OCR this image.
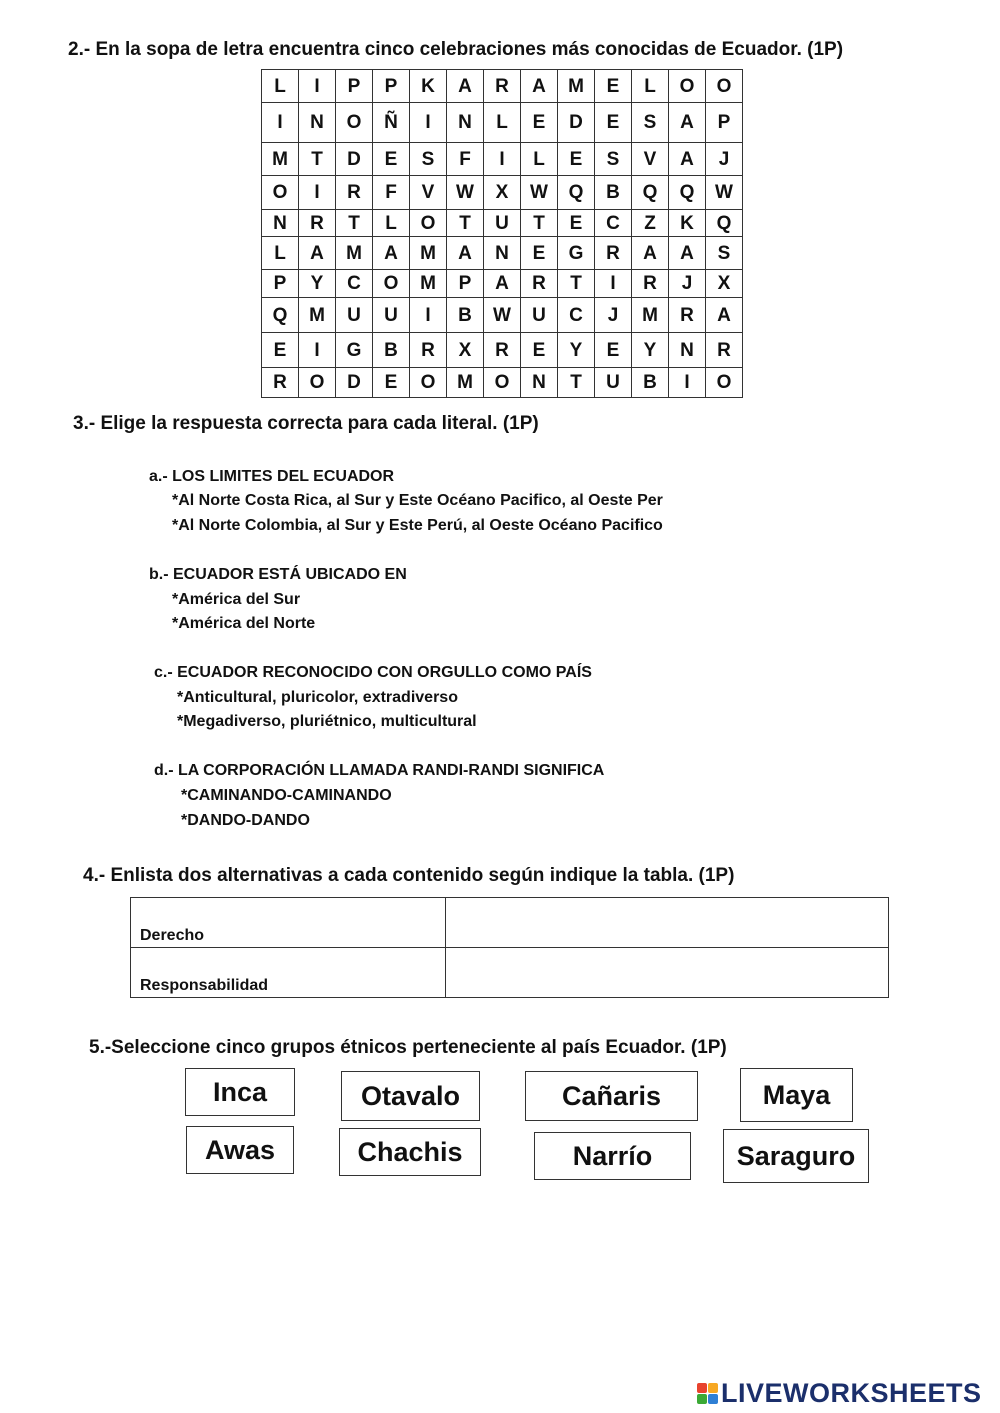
2.- En la sopa de letra encuentra cinco celebraciones más conocidas de Ecuador. (1P)
L	I	P	P	K	A	R	A	M	E	L	O	O
I	N	O	Ñ	I	N	L	E	D	E	S	A	P
M	T	D	E	S	F	I	L	E	S	V	A	J
O	I	R	F	V	W	X	W	Q	B	Q	Q	W
N	R	T	L	O	T	U	T	E	C	Z	K	Q
L	A	M	A	M	A	N	E	G	R	A	A	S
P	Y	C	O	M	P	A	R	T	I	R	J	X
Q	M	U	U	I	B	W	U	C	J	M	R	A
E	I	G	B	R	X	R	E	Y	E	Y	N	R
R	O	D	E	O	M	O	N	T	U	B	I	O
3.- Elige la respuesta correcta para cada literal. (1P)
a.- LOS LIMITES DEL ECUADOR
*Al Norte Costa Rica, al Sur y Este Océano Pacifico, al Oeste Per
*Al Norte Colombia, al Sur y Este Perú, al Oeste Océano Pacifico
b.- ECUADOR ESTÁ UBICADO EN
*América del Sur
*América del Norte
c.- ECUADOR RECONOCIDO CON ORGULLO COMO PAÍS
*Anticultural, pluricolor, extradiverso
*Megadiverso, pluriétnico, multicultural
d.- LA CORPORACIÓN LLAMADA RANDI-RANDI SIGNIFICA
*CAMINANDO-CAMINANDO
*DANDO-DANDO
4.- Enlista dos alternativas a cada contenido según indique la tabla. (1P)
Derecho	
Responsabilidad	
5.-Seleccione cinco grupos étnicos perteneciente al país Ecuador. (1P)
Inca	Otavalo	Cañaris	Maya
Awas	Chachis	Narrío	Saraguro
LIVEWORKSHEETS
